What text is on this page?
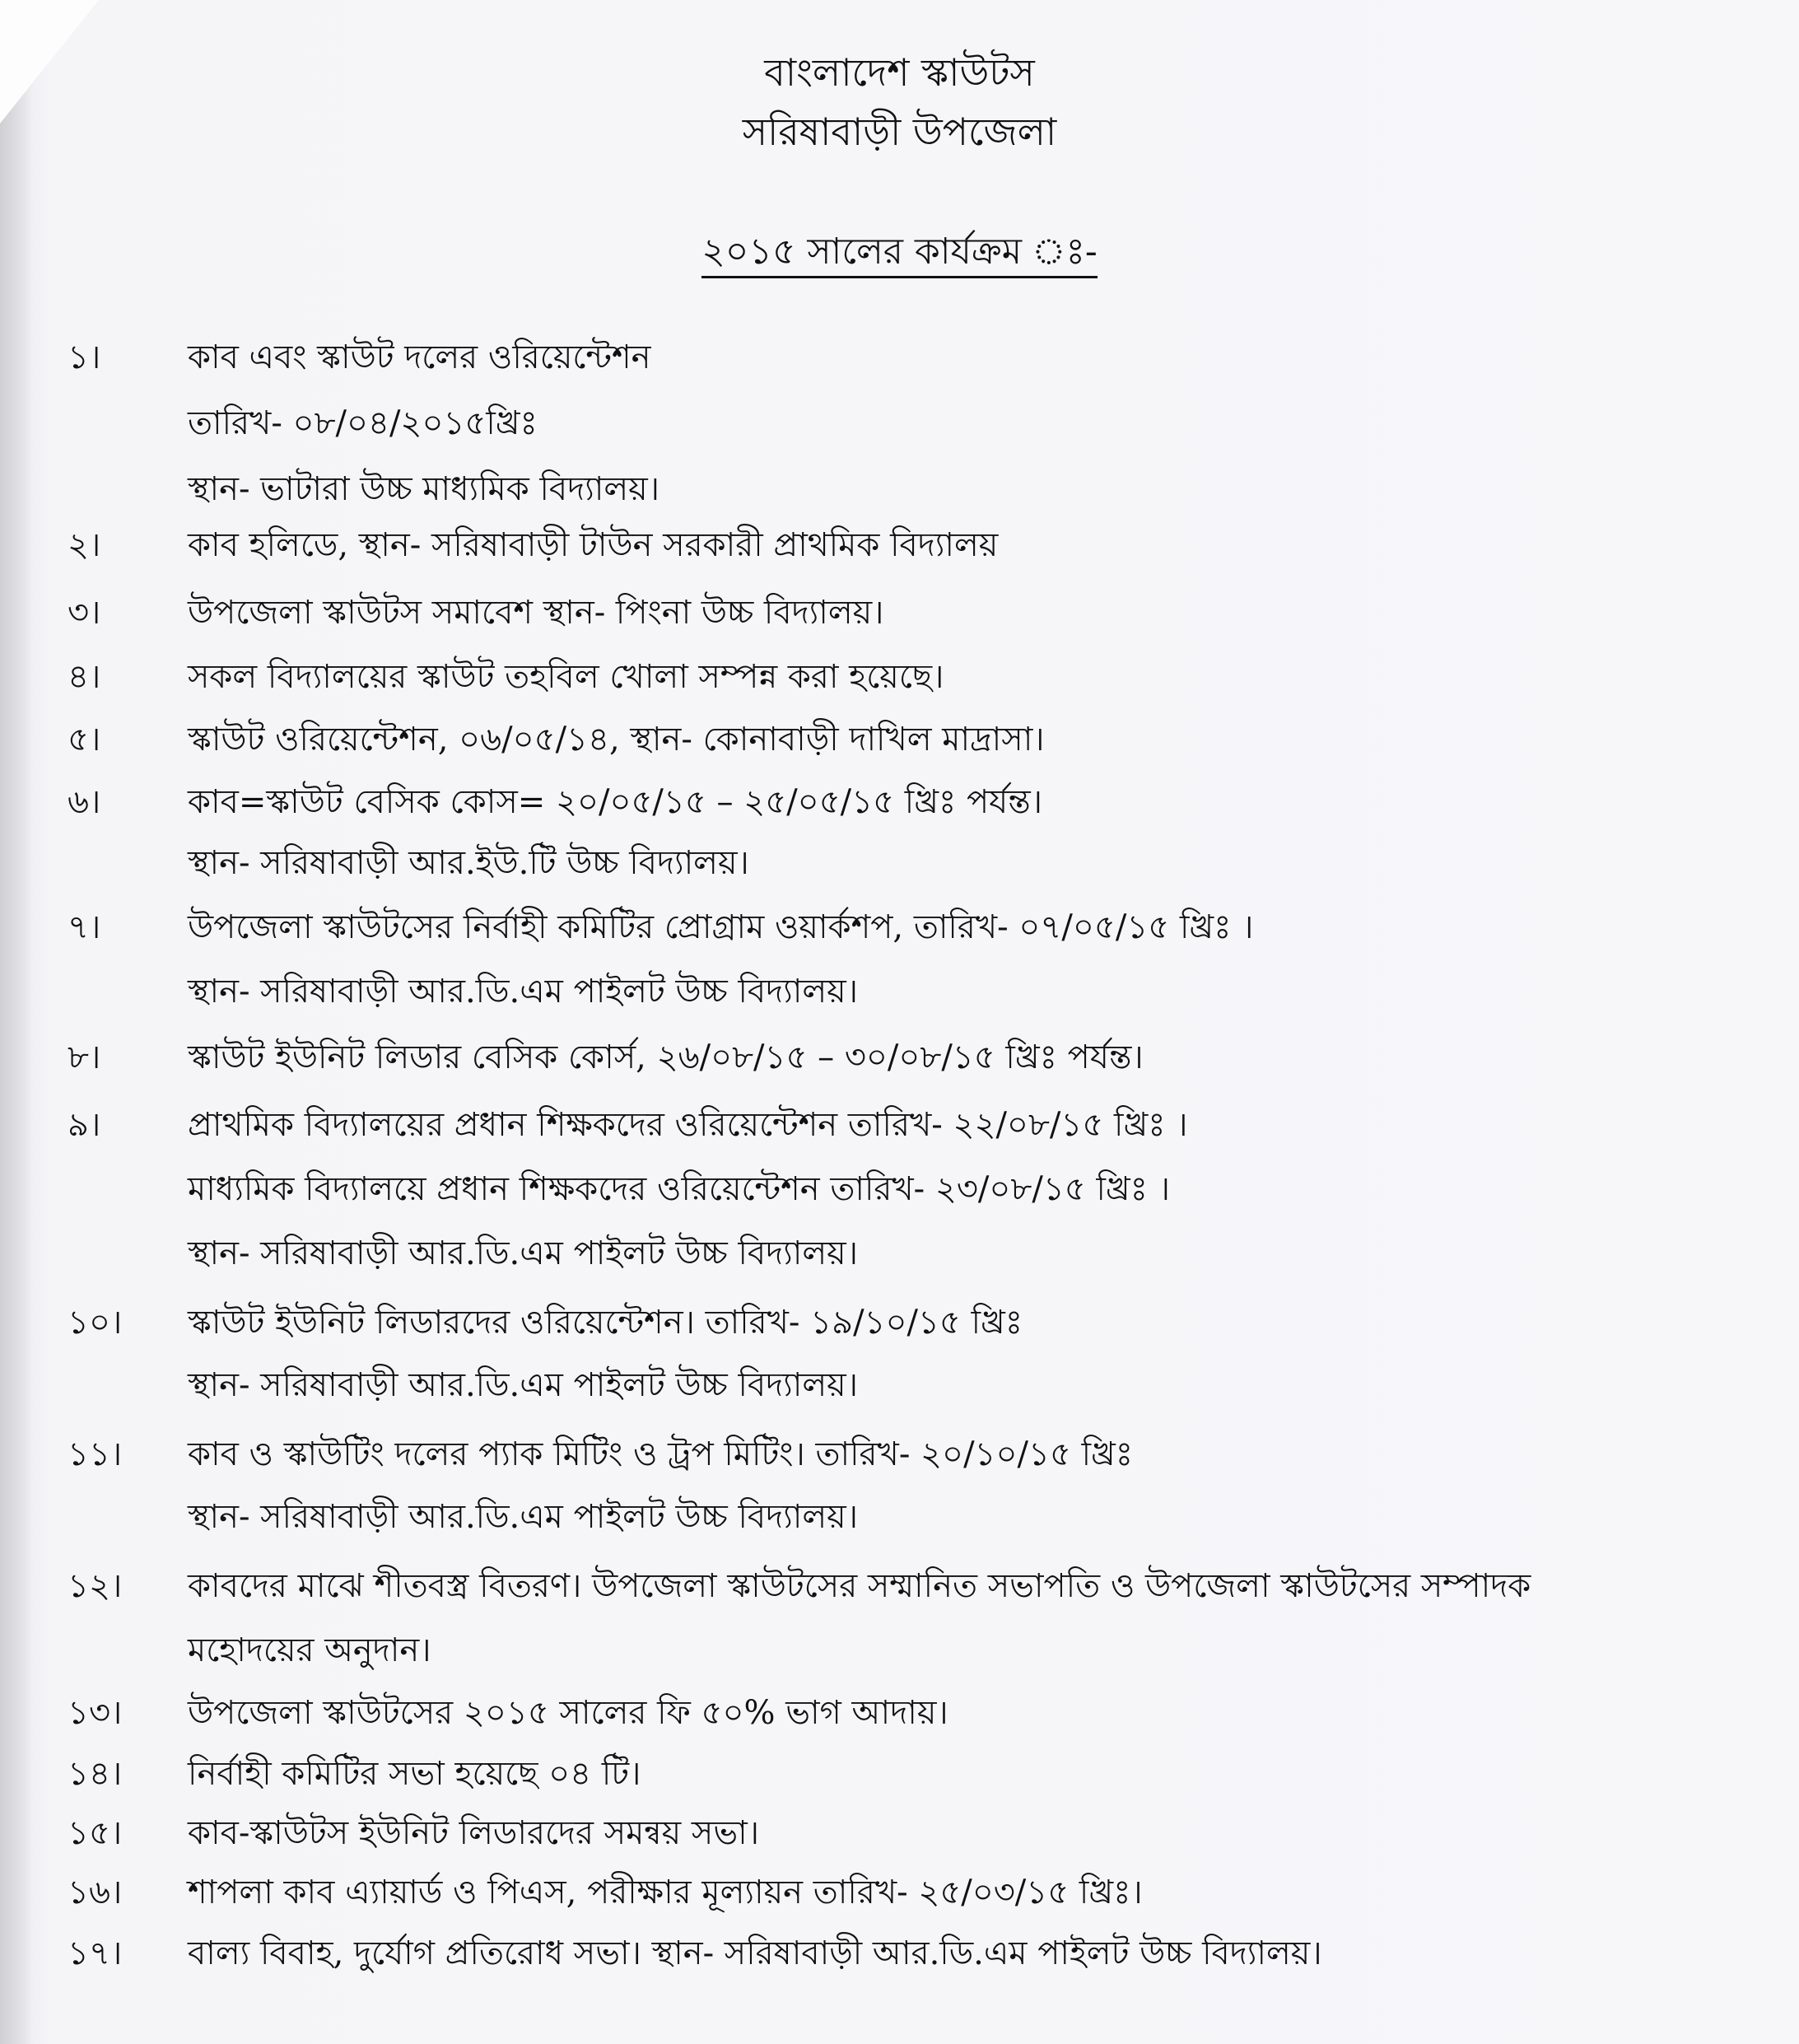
বাংলাদেশ স্কাউটস
সরিষাবাড়ী উপজেলা
২০১৫ সালের কার্যক্রম ঃ-
১।	কাব এবং স্কাউট দলের ওরিয়েন্টেশন
তারিখ- ০৮/০৪/২০১৫খ্রিঃ
স্থান- ভাটারা উচ্চ মাধ্যমিক বিদ্যালয়।
২।	কাব হলিডে, স্থান- সরিষাবাড়ী টাউন সরকারী প্রাথমিক বিদ্যালয়
৩।	উপজেলা স্কাউটস সমাবেশ স্থান- পিংনা উচ্চ বিদ্যালয়।
৪।	সকল বিদ্যালয়ের স্কাউট তহবিল খোলা সম্পন্ন করা হয়েছে।
৫।	স্কাউট ওরিয়েন্টেশন, ০৬/০৫/১৪, স্থান- কোনাবাড়ী দাখিল মাদ্রাসা।
৬।	কাব=স্কাউট বেসিক কোস= ২০/০৫/১৫ – ২৫/০৫/১৫ খ্রিঃ পর্যন্ত।
স্থান- সরিষাবাড়ী আর.ইউ.টি উচ্চ বিদ্যালয়।
৭।	উপজেলা স্কাউটসের নির্বাহী কমিটির প্রোগ্রাম ওয়ার্কশপ, তারিখ- ০৭/০৫/১৫ খ্রিঃ ।
স্থান- সরিষাবাড়ী আর.ডি.এম পাইলট উচ্চ বিদ্যালয়।
৮।	স্কাউট ইউনিট লিডার বেসিক কোর্স, ২৬/০৮/১৫ – ৩০/০৮/১৫ খ্রিঃ পর্যন্ত।
৯।	প্রাথমিক বিদ্যালয়ের প্রধান শিক্ষকদের ওরিয়েন্টেশন তারিখ- ২২/০৮/১৫ খ্রিঃ ।
মাধ্যমিক বিদ্যালয়ে প্রধান শিক্ষকদের ওরিয়েন্টেশন তারিখ- ২৩/০৮/১৫ খ্রিঃ ।
স্থান- সরিষাবাড়ী আর.ডি.এম পাইলট উচ্চ বিদ্যালয়।
১০।	স্কাউট ইউনিট লিডারদের ওরিয়েন্টেশন। তারিখ- ১৯/১০/১৫ খ্রিঃ
স্থান- সরিষাবাড়ী আর.ডি.এম পাইলট উচ্চ বিদ্যালয়।
১১।	কাব ও স্কাউটিং দলের প্যাক মিটিং ও ট্রপ মিটিং। তারিখ- ২০/১০/১৫ খ্রিঃ
স্থান- সরিষাবাড়ী আর.ডি.এম পাইলট উচ্চ বিদ্যালয়।
১২।	কাবদের মাঝে শীতবস্ত্র বিতরণ। উপজেলা স্কাউটসের সম্মানিত সভাপতি ও উপজেলা স্কাউটসের সম্পাদক
মহোদয়ের অনুদান।
১৩।	উপজেলা স্কাউটসের ২০১৫ সালের ফি ৫০% ভাগ আদায়।
১৪।	নির্বাহী কমিটির সভা হয়েছে ০৪ টি।
১৫।	কাব-স্কাউটস ইউনিট লিডারদের সমন্বয় সভা।
১৬।	শাপলা কাব এ্যায়ার্ড ও পিএস, পরীক্ষার মূল্যায়ন তারিখ- ২৫/০৩/১৫ খ্রিঃ।
১৭।	বাল্য বিবাহ, দুর্যোগ প্রতিরোধ সভা। স্থান- সরিষাবাড়ী আর.ডি.এম পাইলট উচ্চ বিদ্যালয়।
